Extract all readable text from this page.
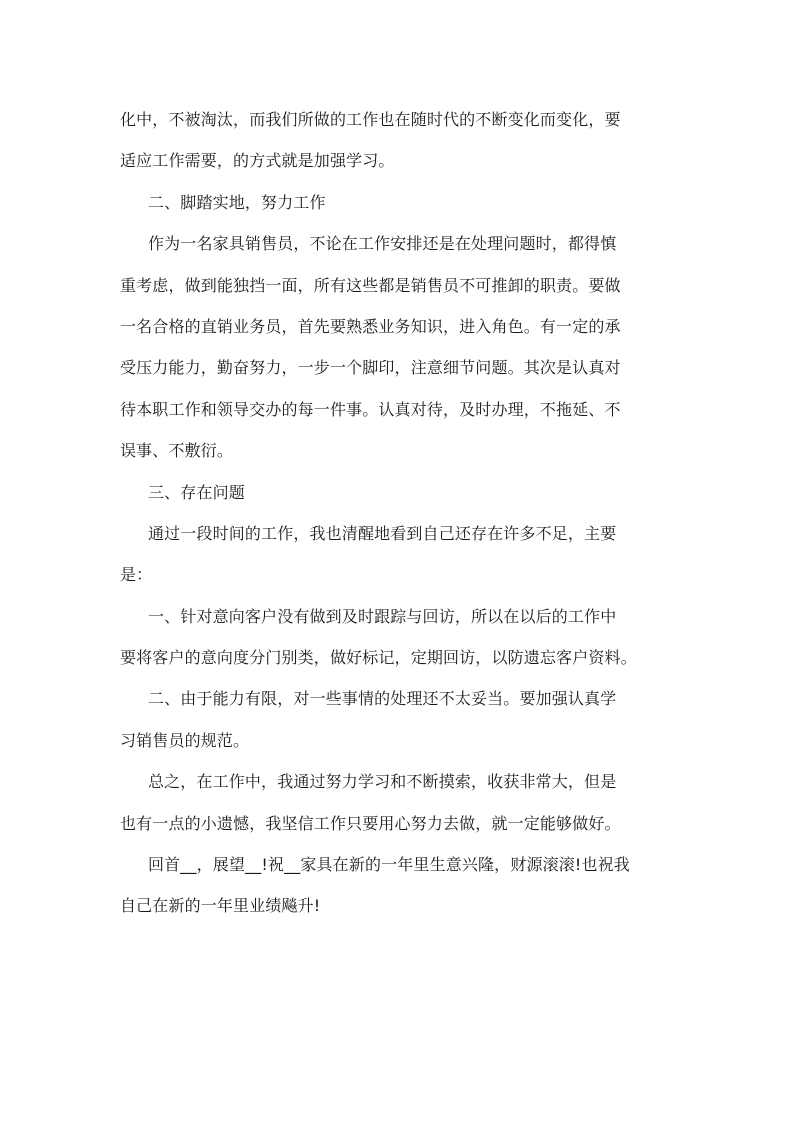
化中，不被淘汰，而我们所做的工作也在随时代的不断变化而变化，要
适应工作需要，的方式就是加强学习。
二、脚踏实地，努力工作
作为一名家具销售员，不论在工作安排还是在处理问题时，都得慎
重考虑，做到能独挡一面，所有这些都是销售员不可推卸的职责。要做
一名合格的直销业务员，首先要熟悉业务知识，进入角色。有一定的承
受压力能力，勤奋努力，一步一个脚印，注意细节问题。其次是认真对
待本职工作和领导交办的每一件事。认真对待，及时办理，不拖延、不
误事、不敷衍。
三、存在问题
通过一段时间的工作，我也清醒地看到自己还存在许多不足，主要
是：
一、针对意向客户没有做到及时跟踪与回访，所以在以后的工作中
要将客户的意向度分门别类，做好标记，定期回访，以防遗忘客户资料。
二、由于能力有限，对一些事情的处理还不太妥当。要加强认真学
习销售员的规范。
总之，在工作中，我通过努力学习和不断摸索，收获非常大，但是
也有一点的小遗憾，我坚信工作只要用心努力去做，就一定能够做好。
回首__，展望__!祝__家具在新的一年里生意兴隆，财源滚滚!也祝我
自己在新的一年里业绩飚升!
